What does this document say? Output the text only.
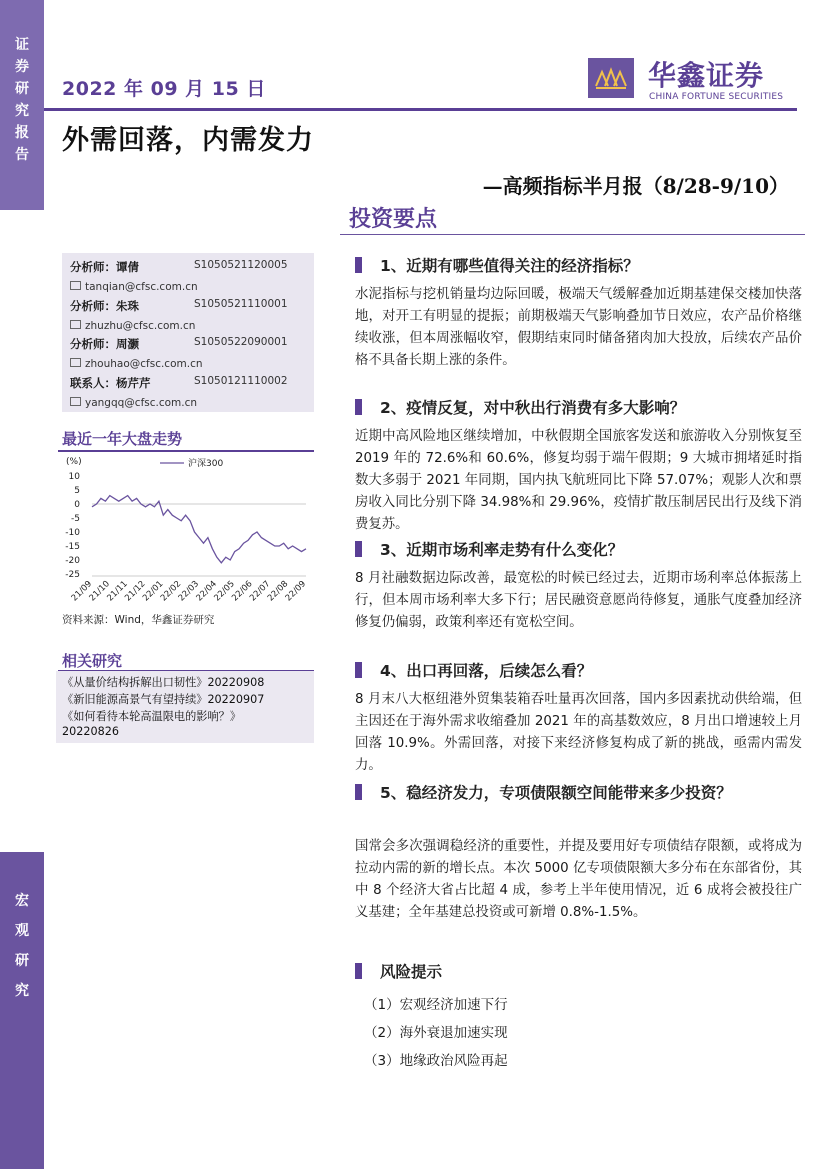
证
券
研
究
报
告
宏
观
研
究
2022 年 09 月 15 日	华鑫证券
CHINA FORTUNE SECURITIES
外需回落，内需发力
—高频指标半月报（8/28-9/10）
投资要点
分析师：谭倩	S1050521120005
tanqian@cfsc.com.cn
分析师：朱珠	S1050521110001
zhuzhu@cfsc.com.cn
分析师：周灏	S1050522090001
zhouhao@cfsc.com.cn
联系人：杨芹芹	S1050121110002
yangqq@cfsc.com.cn
最近一年大盘走势
(%)
10
5
0
-5
-10
-15
-20
-25
21/09
21/10
21/11
21/12
22/01
22/02
22/03
22/04
22/05
22/06
22/07
22/08
22/09
沪深300
资料来源：Wind，华鑫证券研究
相关研究
《从量价结构拆解出口韧性》20220908
《新旧能源高景气有望持续》20220907
《如何看待本轮高温限电的影响？》
20220826
1、近期有哪些值得关注的经济指标？
水泥指标与挖机销量均边际回暖，极端天气缓解叠加近期基建保交楼加快落地，对开工有明显的提振；前期极端天气影响叠加节日效应，农产品价格继续收涨，但本周涨幅收窄，假期结束同时储备猪肉加大投放，后续农产品价格不具备长期上涨的条件。
2、疫情反复，对中秋出行消费有多大影响？
近期中高风险地区继续增加，中秋假期全国旅客发送和旅游收入分别恢复至 2019 年的 72.6%和 60.6%，修复均弱于端午假期；9 大城市拥堵延时指数大多弱于 2021 年同期，国内执飞航班同比下降 57.07%；观影人次和票房收入同比分别下降 34.98%和 29.96%，疫情扩散压制居民出行及线下消费复苏。
3、近期市场利率走势有什么变化？
8 月社融数据边际改善，最宽松的时候已经过去，近期市场利率总体振荡上行，但本周市场利率大多下行；居民融资意愿尚待修复，通胀气度叠加经济修复仍偏弱，政策利率还有宽松空间。
4、出口再回落，后续怎么看？
8 月末八大枢纽港外贸集装箱吞吐量再次回落，国内多因素扰动供给端，但主因还在于海外需求收缩叠加 2021 年的高基数效应，8 月出口增速较上月回落 10.9%。外需回落，对接下来经济修复构成了新的挑战，亟需内需发力。
5、稳经济发力，专项债限额空间能带来多少投资？
国常会多次强调稳经济的重要性，并提及要用好专项债结存限额，或将成为拉动内需的新的增长点。本次 5000 亿专项债限额大多分布在东部省份，其中 8 个经济大省占比超 4 成，参考上半年使用情况，近 6 成将会被投往广义基建；全年基建总投资或可新增 0.8%-1.5%。
风险提示
（1）宏观经济加速下行
（2）海外衰退加速实现
（3）地缘政治风险再起
